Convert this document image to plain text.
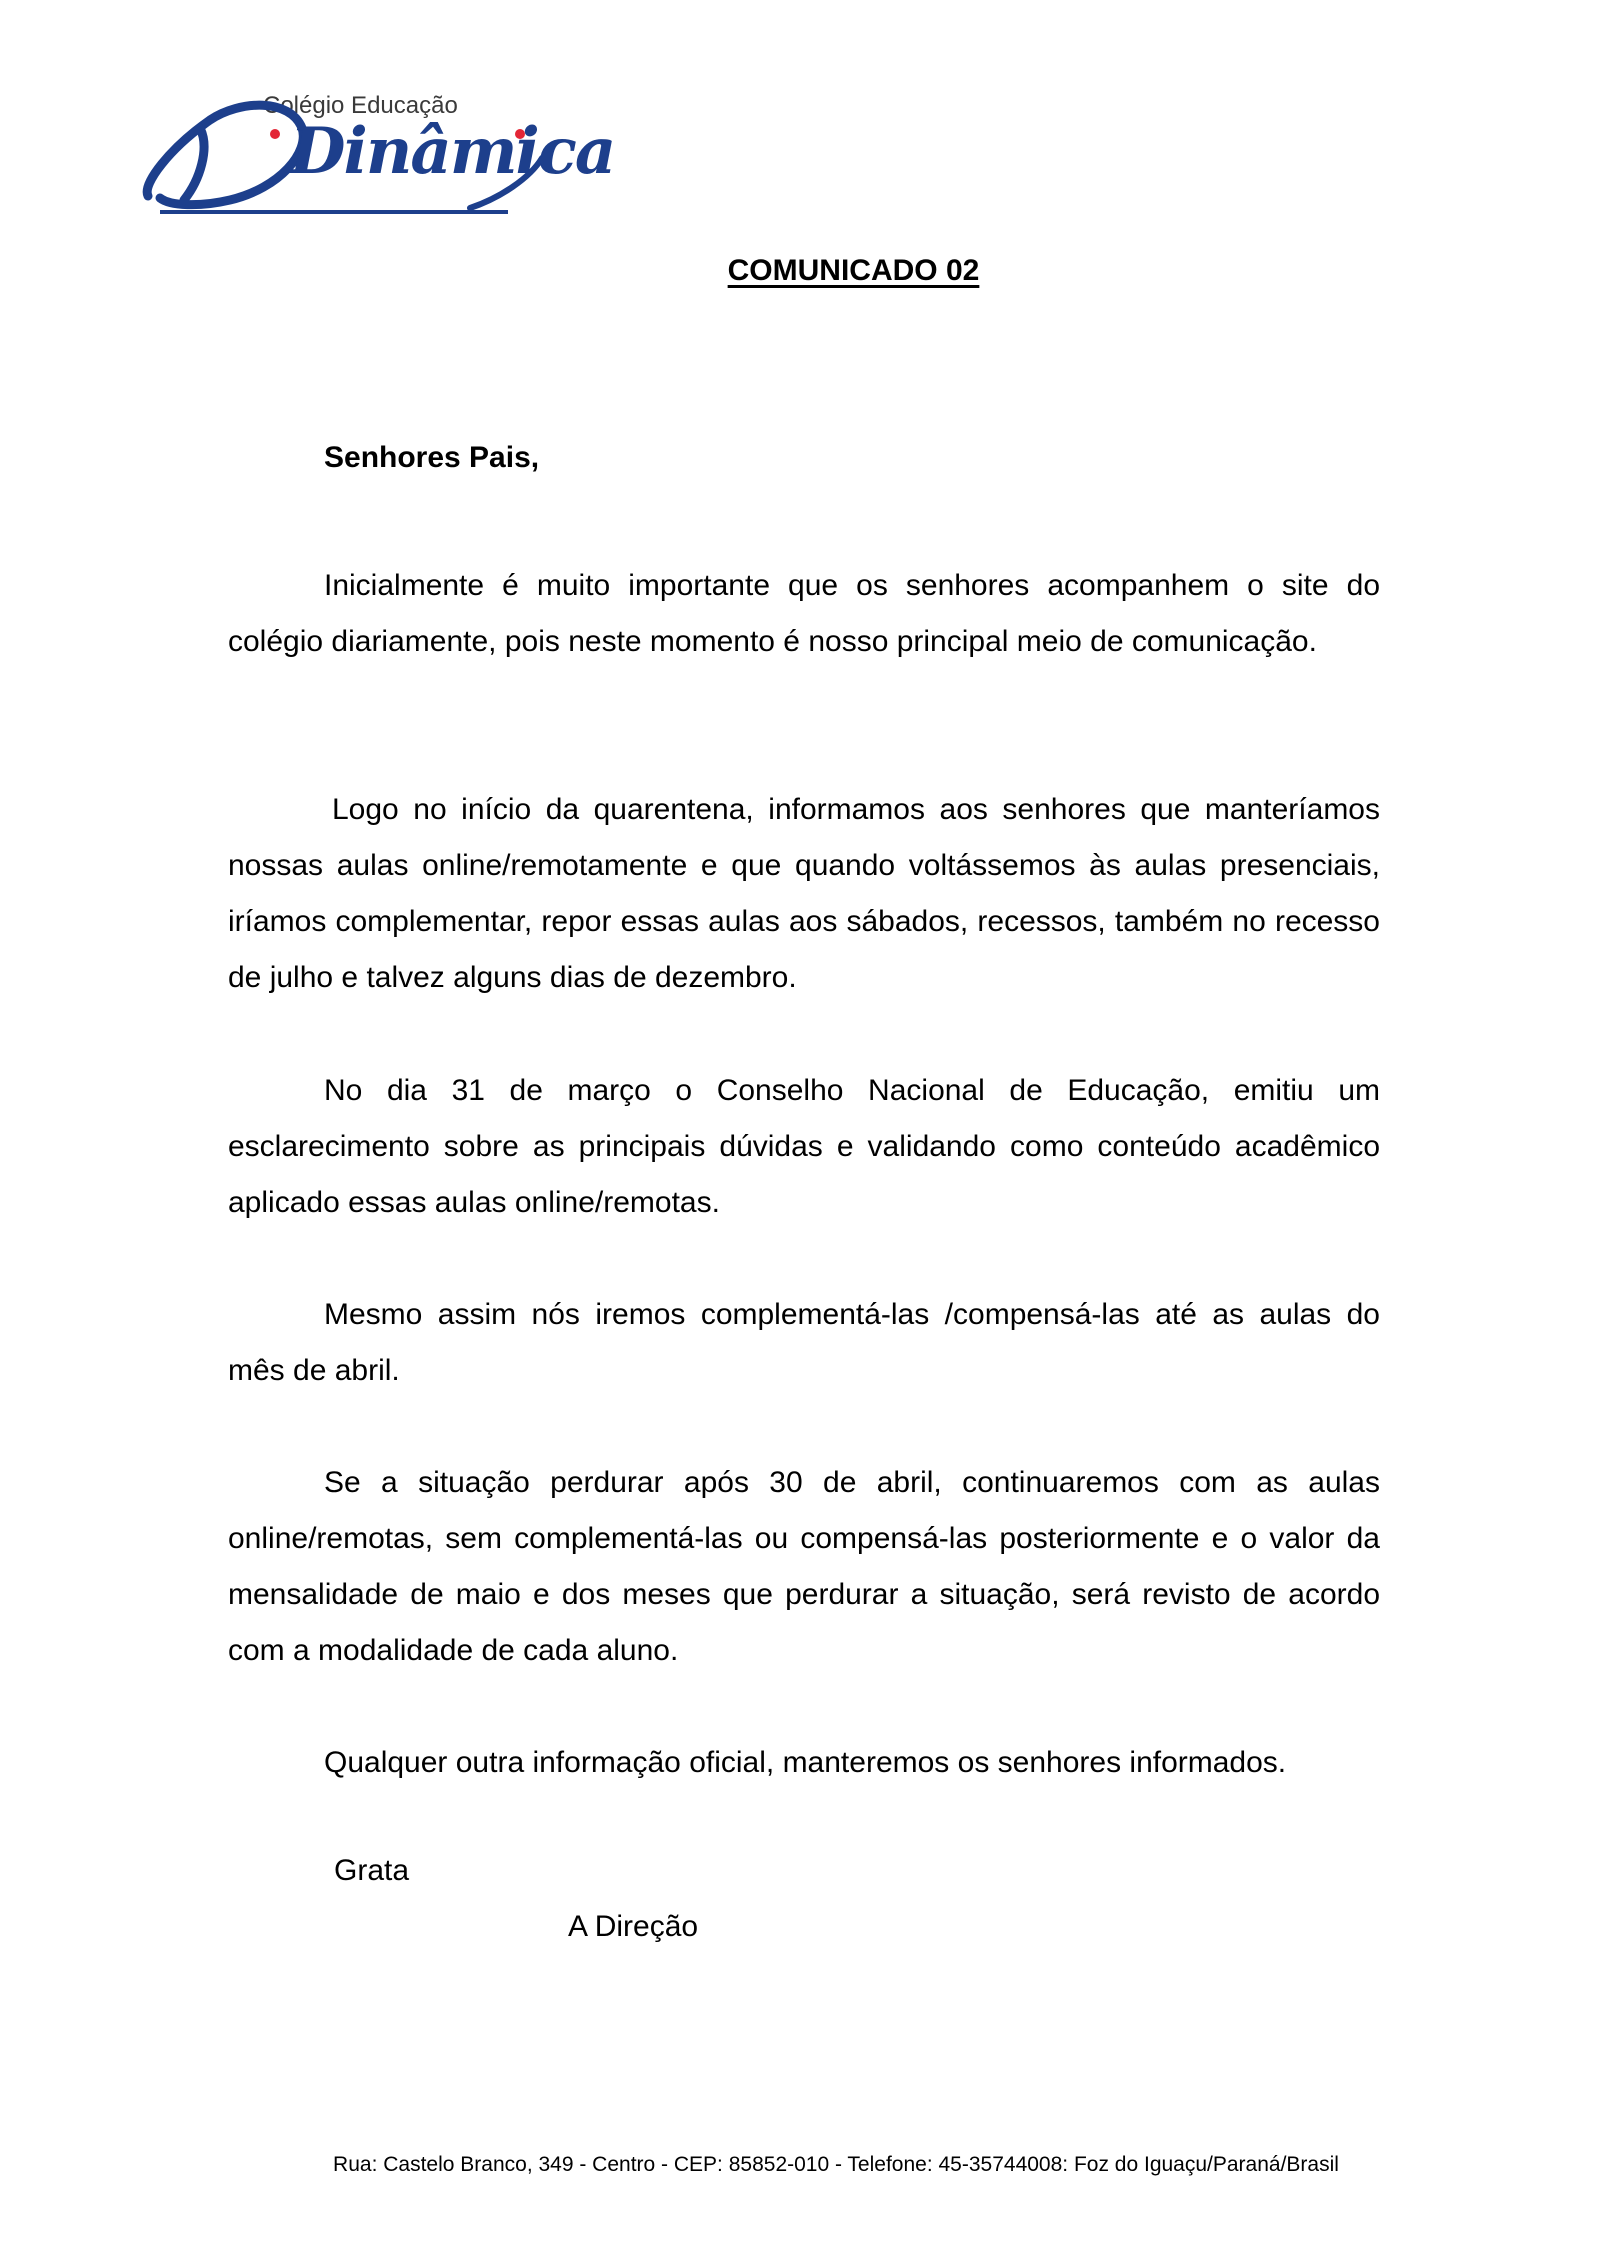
Colégio Educação
Dinâmica
COMUNICADO 02
Senhores Pais,

Inicialmente é muito importante que os senhores acompanhem o site do colégio diariamente, pois neste momento é nosso principal meio de comunicação.

Logo no início da quarentena, informamos aos senhores que manteríamos nossas aulas online/remotamente e que quando voltássemos às aulas presenciais, iríamos complementar, repor essas aulas aos sábados, recessos, também no recesso de julho e talvez alguns dias de dezembro.

No dia 31 de março o Conselho Nacional de Educação, emitiu um esclarecimento sobre as principais dúvidas e validando como conteúdo acadêmico aplicado essas aulas online/remotas.

Mesmo assim nós iremos complementá-las /compensá-las até as aulas do mês de abril.

Se a situação perdurar após 30 de abril, continuaremos com as aulas online/remotas, sem complementá-las ou compensá-las posteriormente e o valor da mensalidade de maio e dos meses que perdurar a situação, será revisto de acordo com a modalidade de cada aluno.

Qualquer outra informação oficial, manteremos os senhores informados.

Grata
A Direção
Rua: Castelo Branco, 349 - Centro - CEP: 85852-010 - Telefone: 45-35744008: Foz do Iguaçu/Paraná/Brasil
